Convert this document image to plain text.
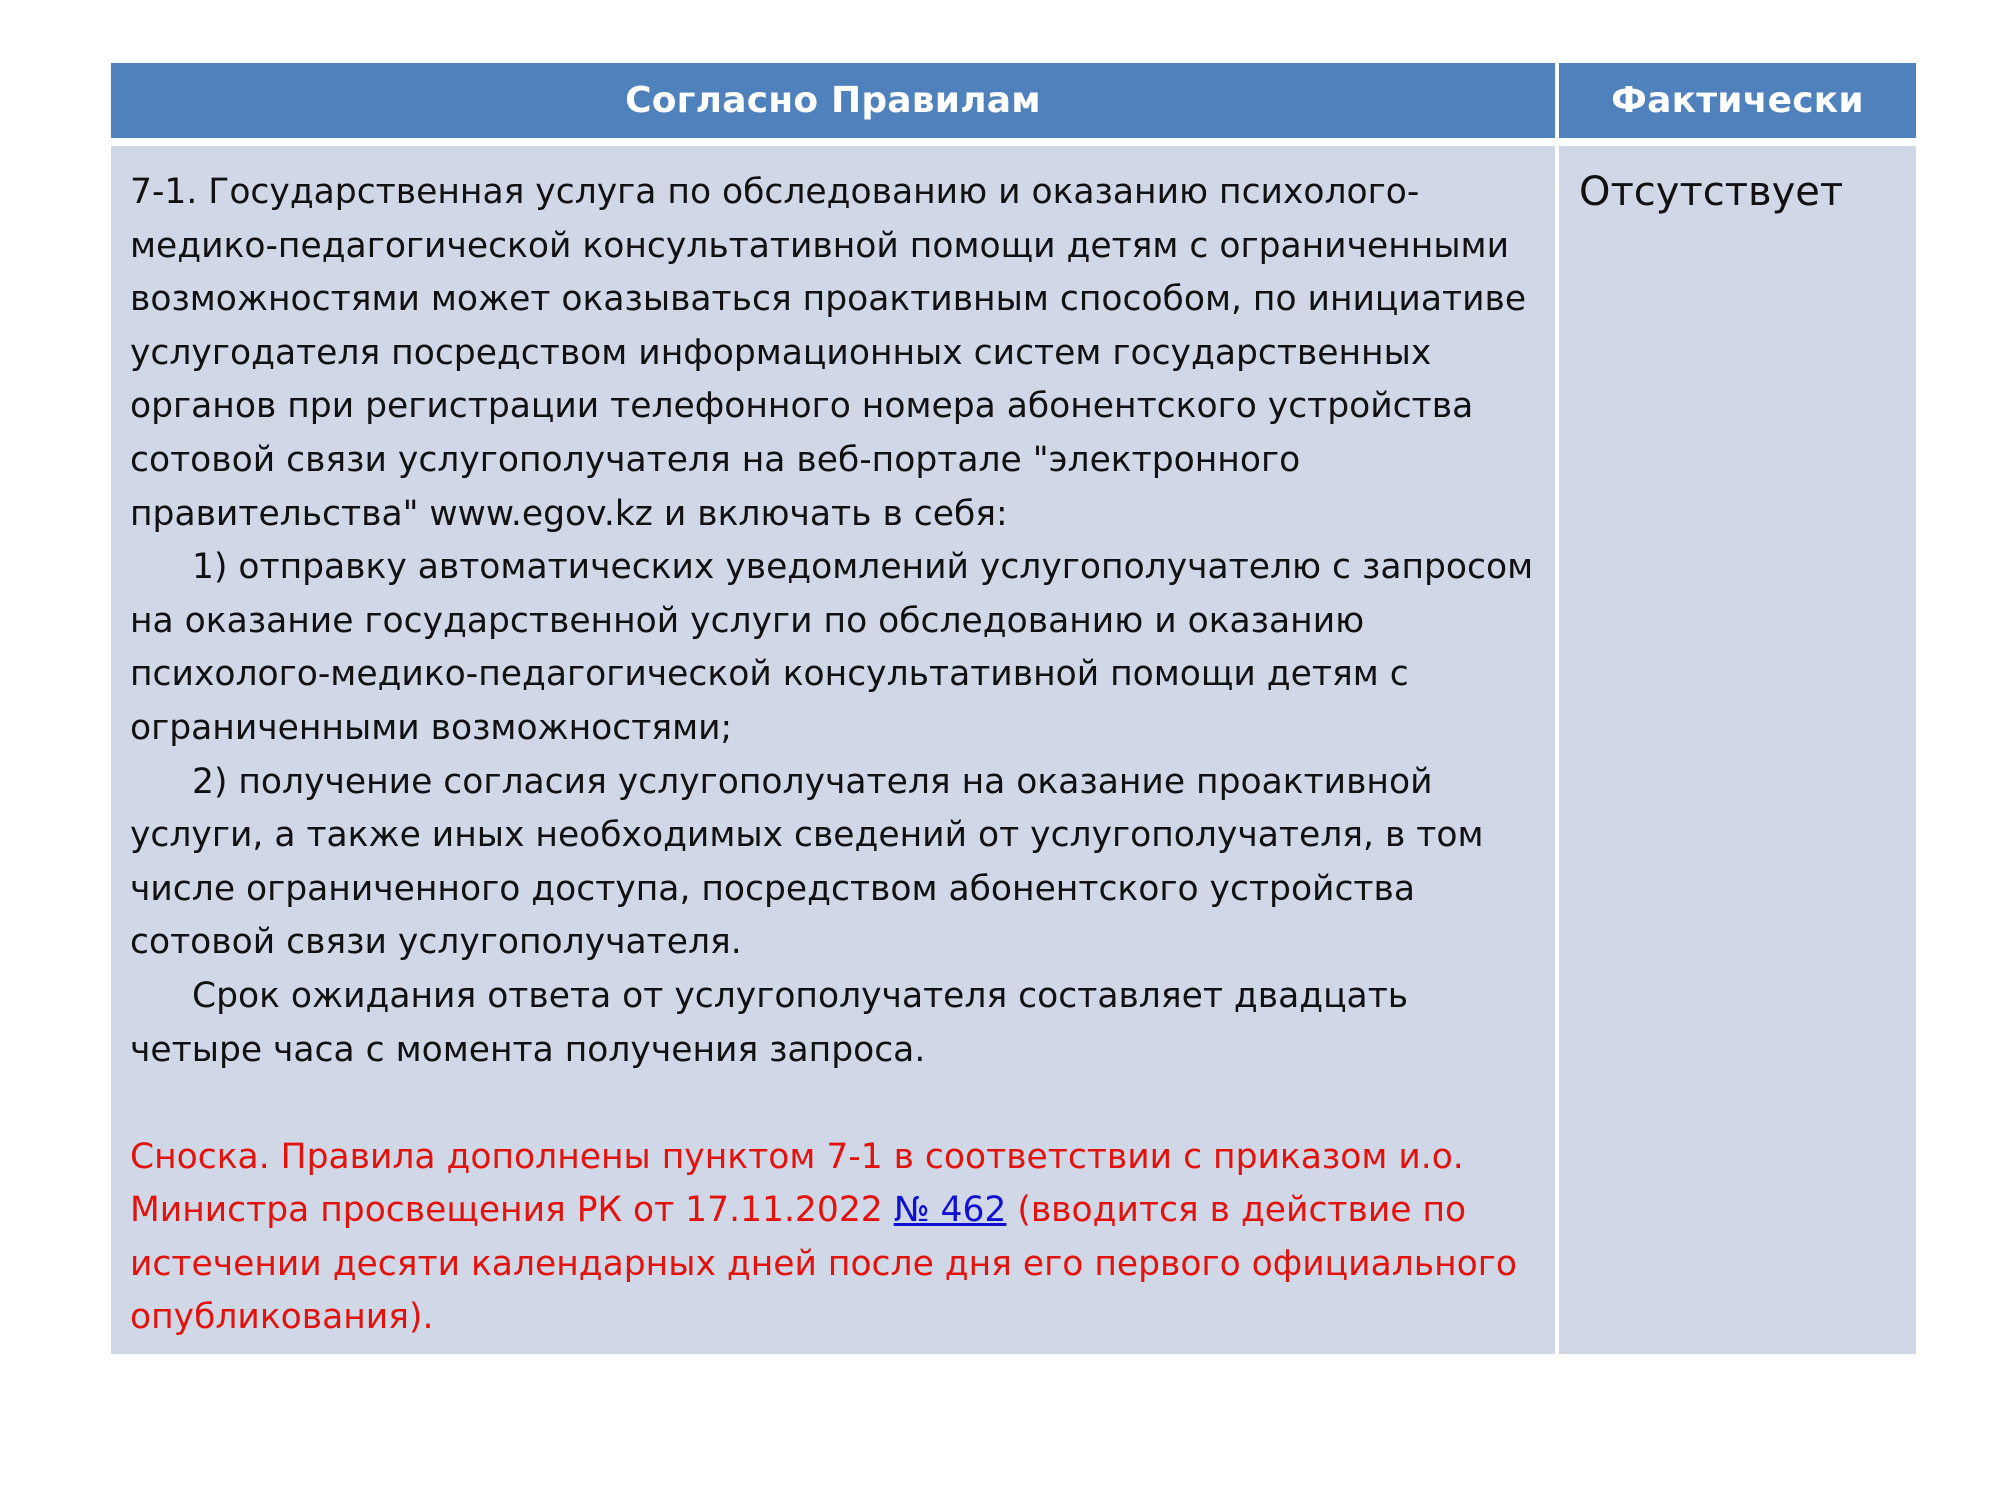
Согласно Правилам	Фактически

7-1. Государственная услуга по обследованию и оказанию психолого-медико-педагогической консультативной помощи детям с ограниченными возможностями может оказываться проактивным способом, по инициативе услугодателя посредством информационных систем государственных органов при регистрации телефонного номера абонентского устройства сотовой связи услугополучателя на веб-портале "электронного правительства" www.egov.kz и включать в себя:

1) отправку автоматических уведомлений услугополучателю с запросом на оказание государственной услуги по обследованию и оказанию психолого-медико-педагогической консультативной помощи детям с ограниченными возможностями;

2) получение согласия услугополучателя на оказание проактивной услуги, а также иных необходимых сведений от услугополучателя, в том числе ограниченного доступа, посредством абонентского устройства сотовой связи услугополучателя.

Срок ожидания ответа от услугополучателя составляет двадцать четыре часа с момента получения запроса.

Сноска. Правила дополнены пунктом 7-1 в соответствии с приказом и.о. Министра просвещения РК от 17.11.2022 № 462 (вводится в действие по истечении десяти календарных дней после дня его первого официального опубликования).

Отсутствует
